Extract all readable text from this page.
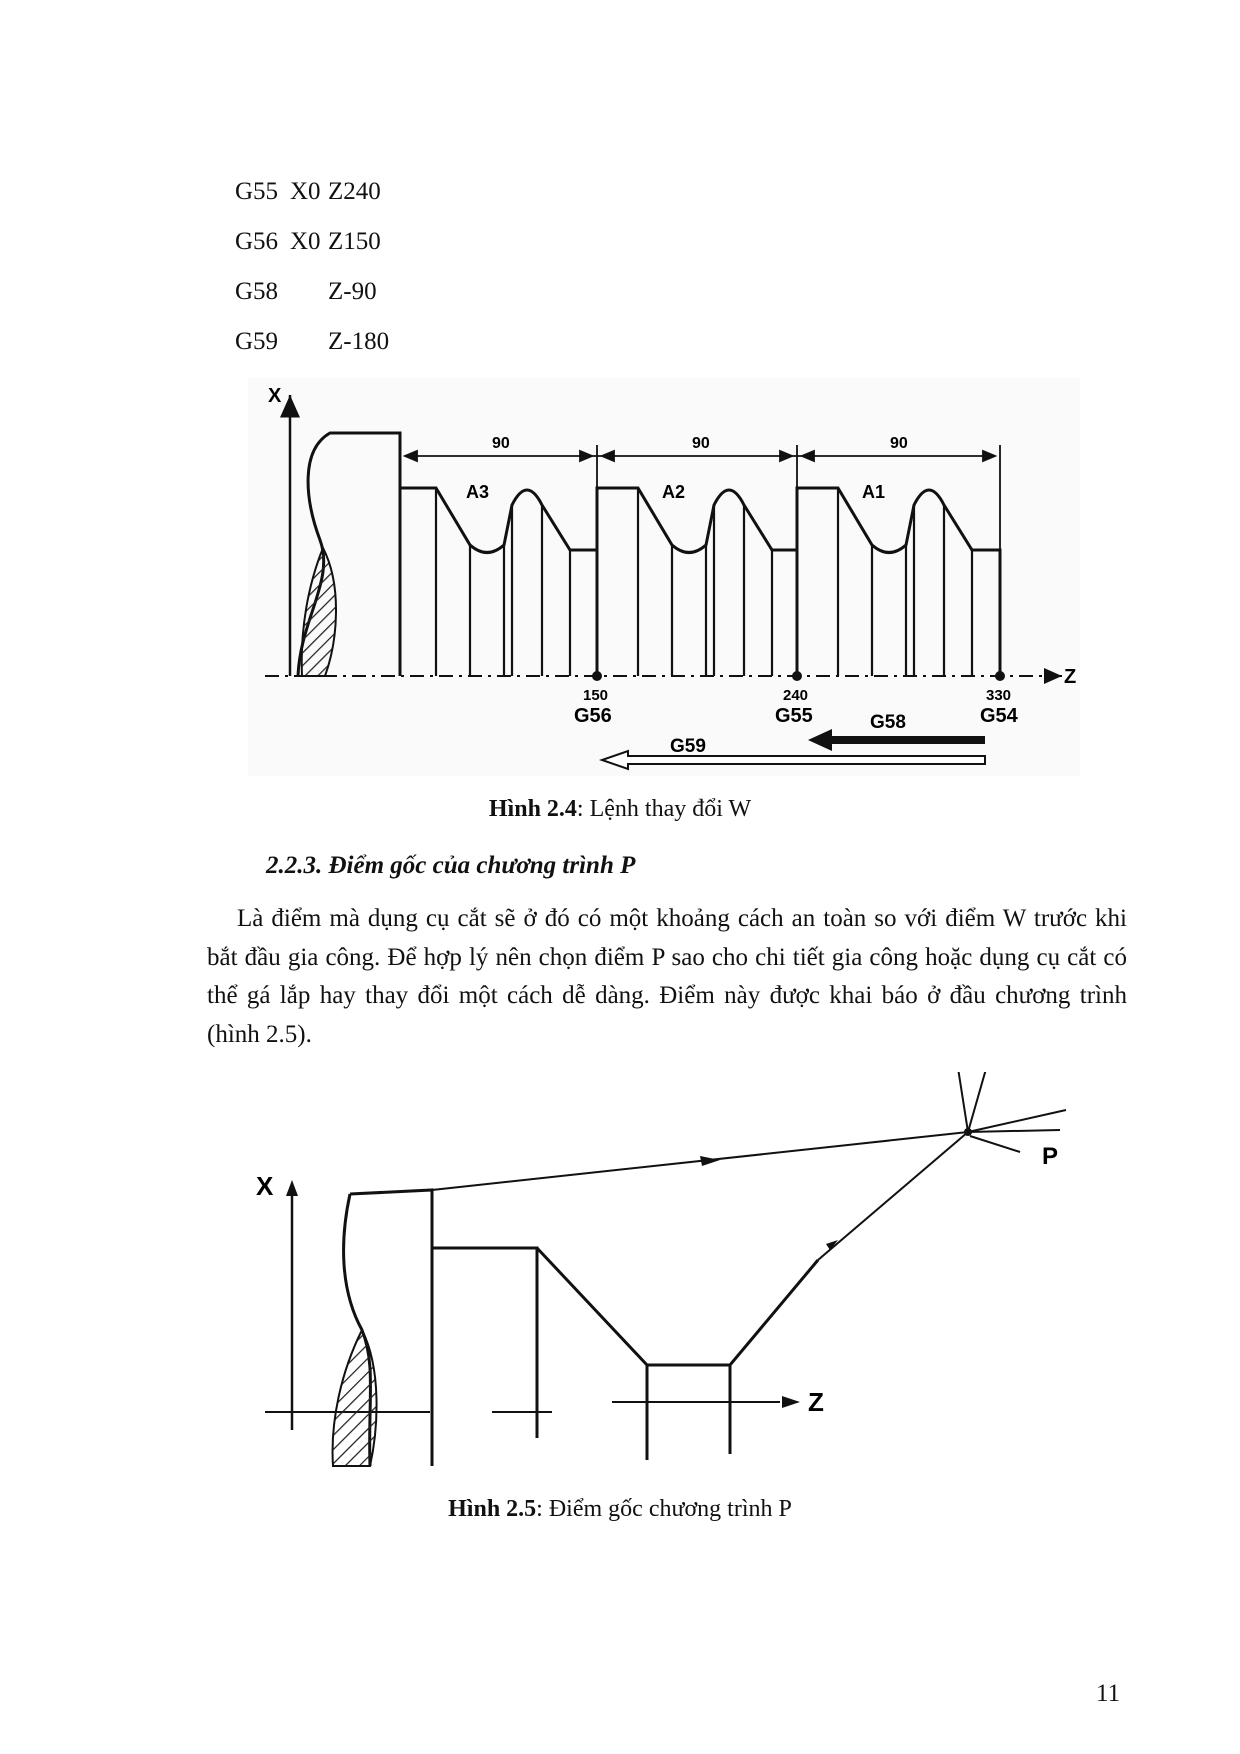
G55 X0 Z240
G56 X0 Z150
G58 Z-90
G59 Z-180
X
Z
90	90	90
A3	A2	A1
150	240	330
G56	G55	G54
G58
G59
Hình 2.4: Lệnh thay đổi W
2.2.3. Điểm gốc của chương trình P
Là điểm mà dụng cụ cắt sẽ ở đó có một khoảng cách an toàn so với điểm W trước khi bắt đầu gia công. Để hợp lý nên chọn điểm P sao cho chi tiết gia công hoặc dụng cụ cắt có thể gá lắp hay thay đổi một cách dễ dàng. Điểm này được khai báo ở đầu chương trình (hình 2.5).
X
Z
P
Hình 2.5: Điểm gốc chương trình P
11
